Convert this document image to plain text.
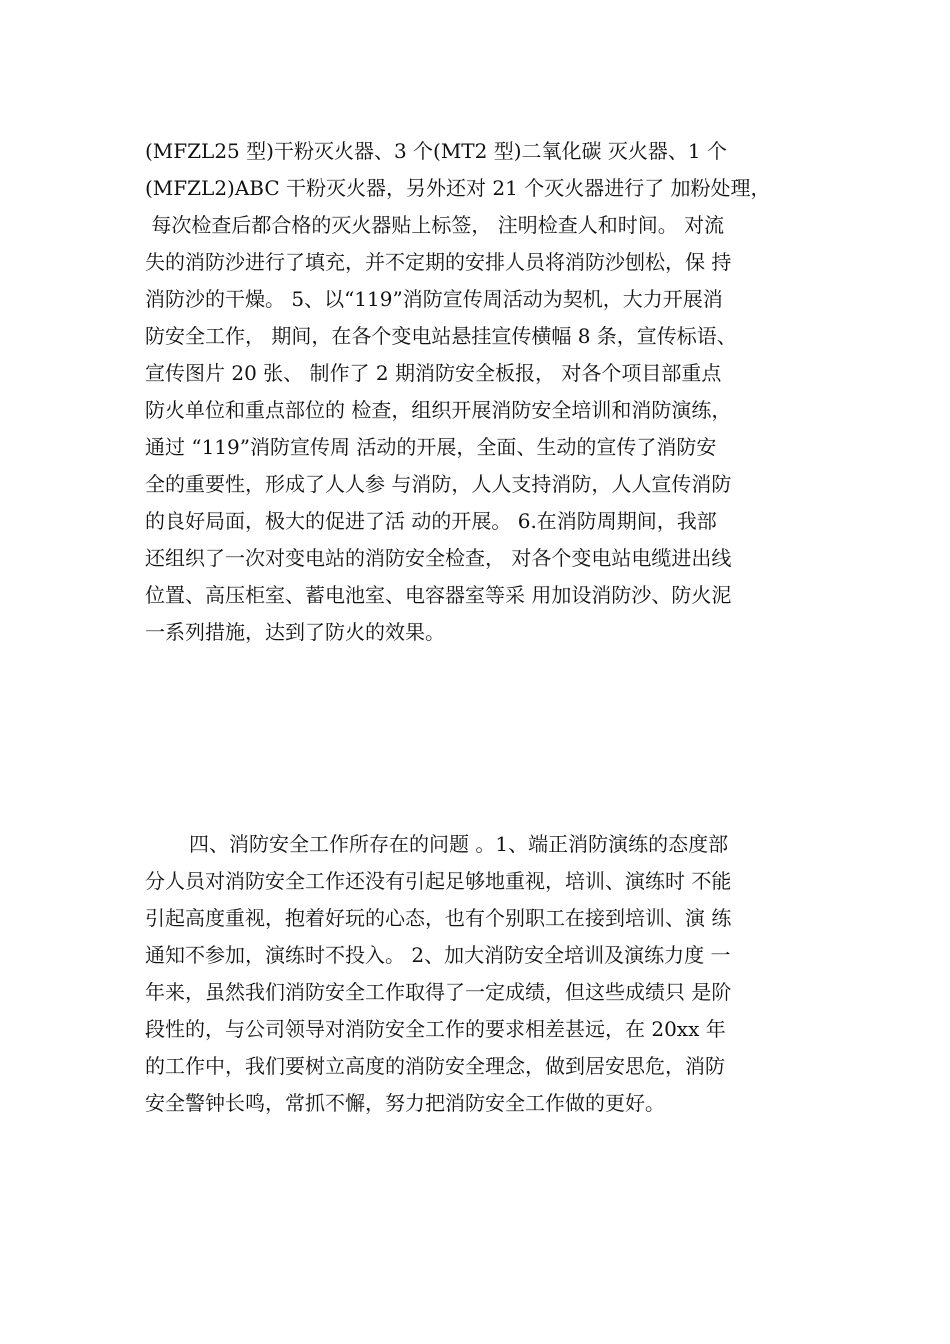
(MFZL25 型)干粉灭火器、3 个(MT2 型)二氧化碳 灭火器、1 个
(MFZL2)ABC 干粉灭火器，另外还对 21 个灭火器进行了 加粉处理，
每次检查后都合格的灭火器贴上标签， 注明检查人和时间。 对流
失的消防沙进行了填充，并不定期的安排人员将消防沙刨松，保 持
消防沙的干燥。 5、以“119”消防宣传周活动为契机，大力开展消
防安全工作， 期间，在各个变电站悬挂宣传横幅 8 条，宣传标语、
宣传图片 20 张、 制作了 2 期消防安全板报， 对各个项目部重点
防火单位和重点部位的 检查，组织开展消防安全培训和消防演练，
通过 “119”消防宣传周 活动的开展，全面、生动的宣传了消防安
全的重要性，形成了人人参 与消防，人人支持消防，人人宣传消防
的良好局面，极大的促进了活 动的开展。 6.在消防周期间，我部
还组织了一次对变电站的消防安全检查， 对各个变电站电缆进出线
位置、高压柜室、蓄电池室、电容器室等采 用加设消防沙、防火泥
一系列措施，达到了防火的效果。
四、消防安全工作所存在的问题 。1、端正消防演练的态度部
分人员对消防安全工作还没有引起足够地重视，培训、演练时 不能
引起高度重视，抱着好玩的心态，也有个别职工在接到培训、演 练
通知不参加，演练时不投入。 2、加大消防安全培训及演练力度 一
年来，虽然我们消防安全工作取得了一定成绩，但这些成绩只 是阶
段性的，与公司领导对消防安全工作的要求相差甚远，在 20xx 年
的工作中，我们要树立高度的消防安全理念，做到居安思危，消防
安全警钟长鸣，常抓不懈，努力把消防安全工作做的更好。
